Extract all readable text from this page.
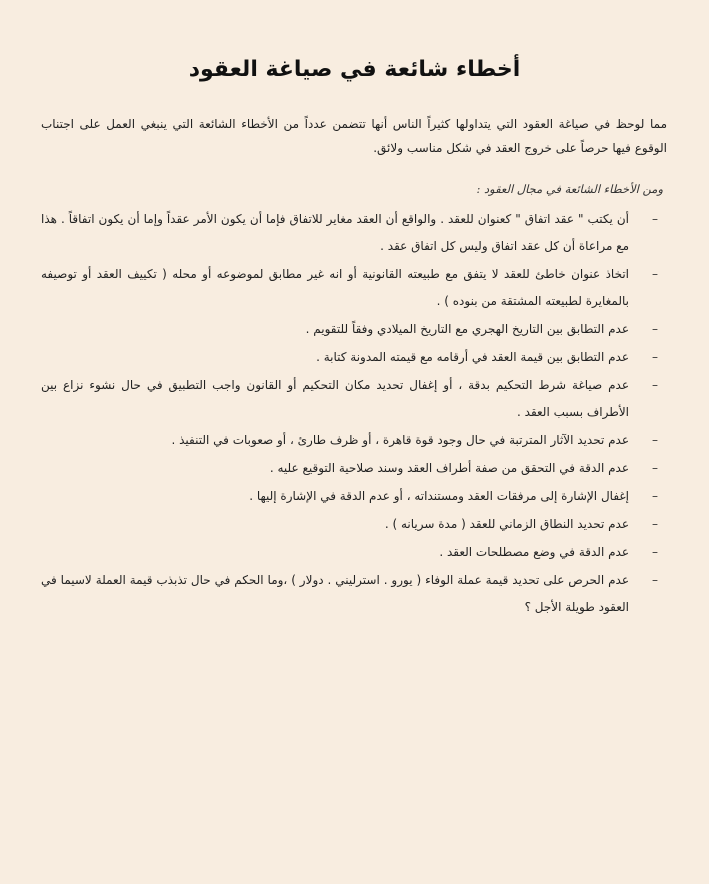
أخطاء شائعة في صياغة العقود
مما لوحظ في صياغة العقود التي يتداولها كثيراً الناس أنها تتضمن عدداً من الأخطاء الشائعة التي ينبغي العمل على اجتناب الوقوع فيها حرصاً على خروج العقد في شكل مناسب ولائق.
ومن الأخطاء الشائعة في مجال العقود :
–
أن يكتب " عقد اتفاق " كعنوان للعقد . والواقع أن العقد مغاير للاتفاق فإما أن يكون الأمر عقداً وإما أن يكون اتفاقاً . هذا مع مراعاة أن كل عقد اتفاق وليس كل اتفاق عقد .
–
اتخاذ عنوان خاطئ للعقد لا يتفق مع طبيعته القانونية أو انه غير مطابق لموضوعه أو محله ( تكييف العقد أو توصيفه بالمغايرة لطبيعته المشتقة من بنوده ) .
–
عدم التطابق بين التاريخ الهجري مع التاريخ الميلادي وفقاً للتقويم .
–
عدم التطابق بين قيمة العقد في أرقامه مع قيمته المدونة كتابة .
–
عدم صياغة شرط التحكيم بدقة ، أو إغفال تحديد مكان التحكيم أو القانون واجب التطبيق في حال نشوء نزاع بين الأطراف بسبب العقد .
–
عدم تحديد الآثار المترتبة في حال وجود قوة قاهرة ، أو ظرف طارئ ، أو صعوبات في التنفيذ .
–
عدم الدقة في التحقق من صفة أطراف العقد وسند صلاحية التوقيع عليه .
–
إغفال الإشارة إلى مرفقات العقد ومستنداته ، أو عدم الدقة في الإشارة إليها .
–
عدم تحديد النطاق الزماني للعقد ( مدة سريانه ) .
–
عدم الدقة في وضع مصطلحات العقد .
–
عدم الحرص على تحديد قيمة عملة الوفاء ( يورو . استرليني . دولار ) ،وما الحكم في حال تذبذب قيمة العملة لاسيما في العقود طويلة الأجل ؟
